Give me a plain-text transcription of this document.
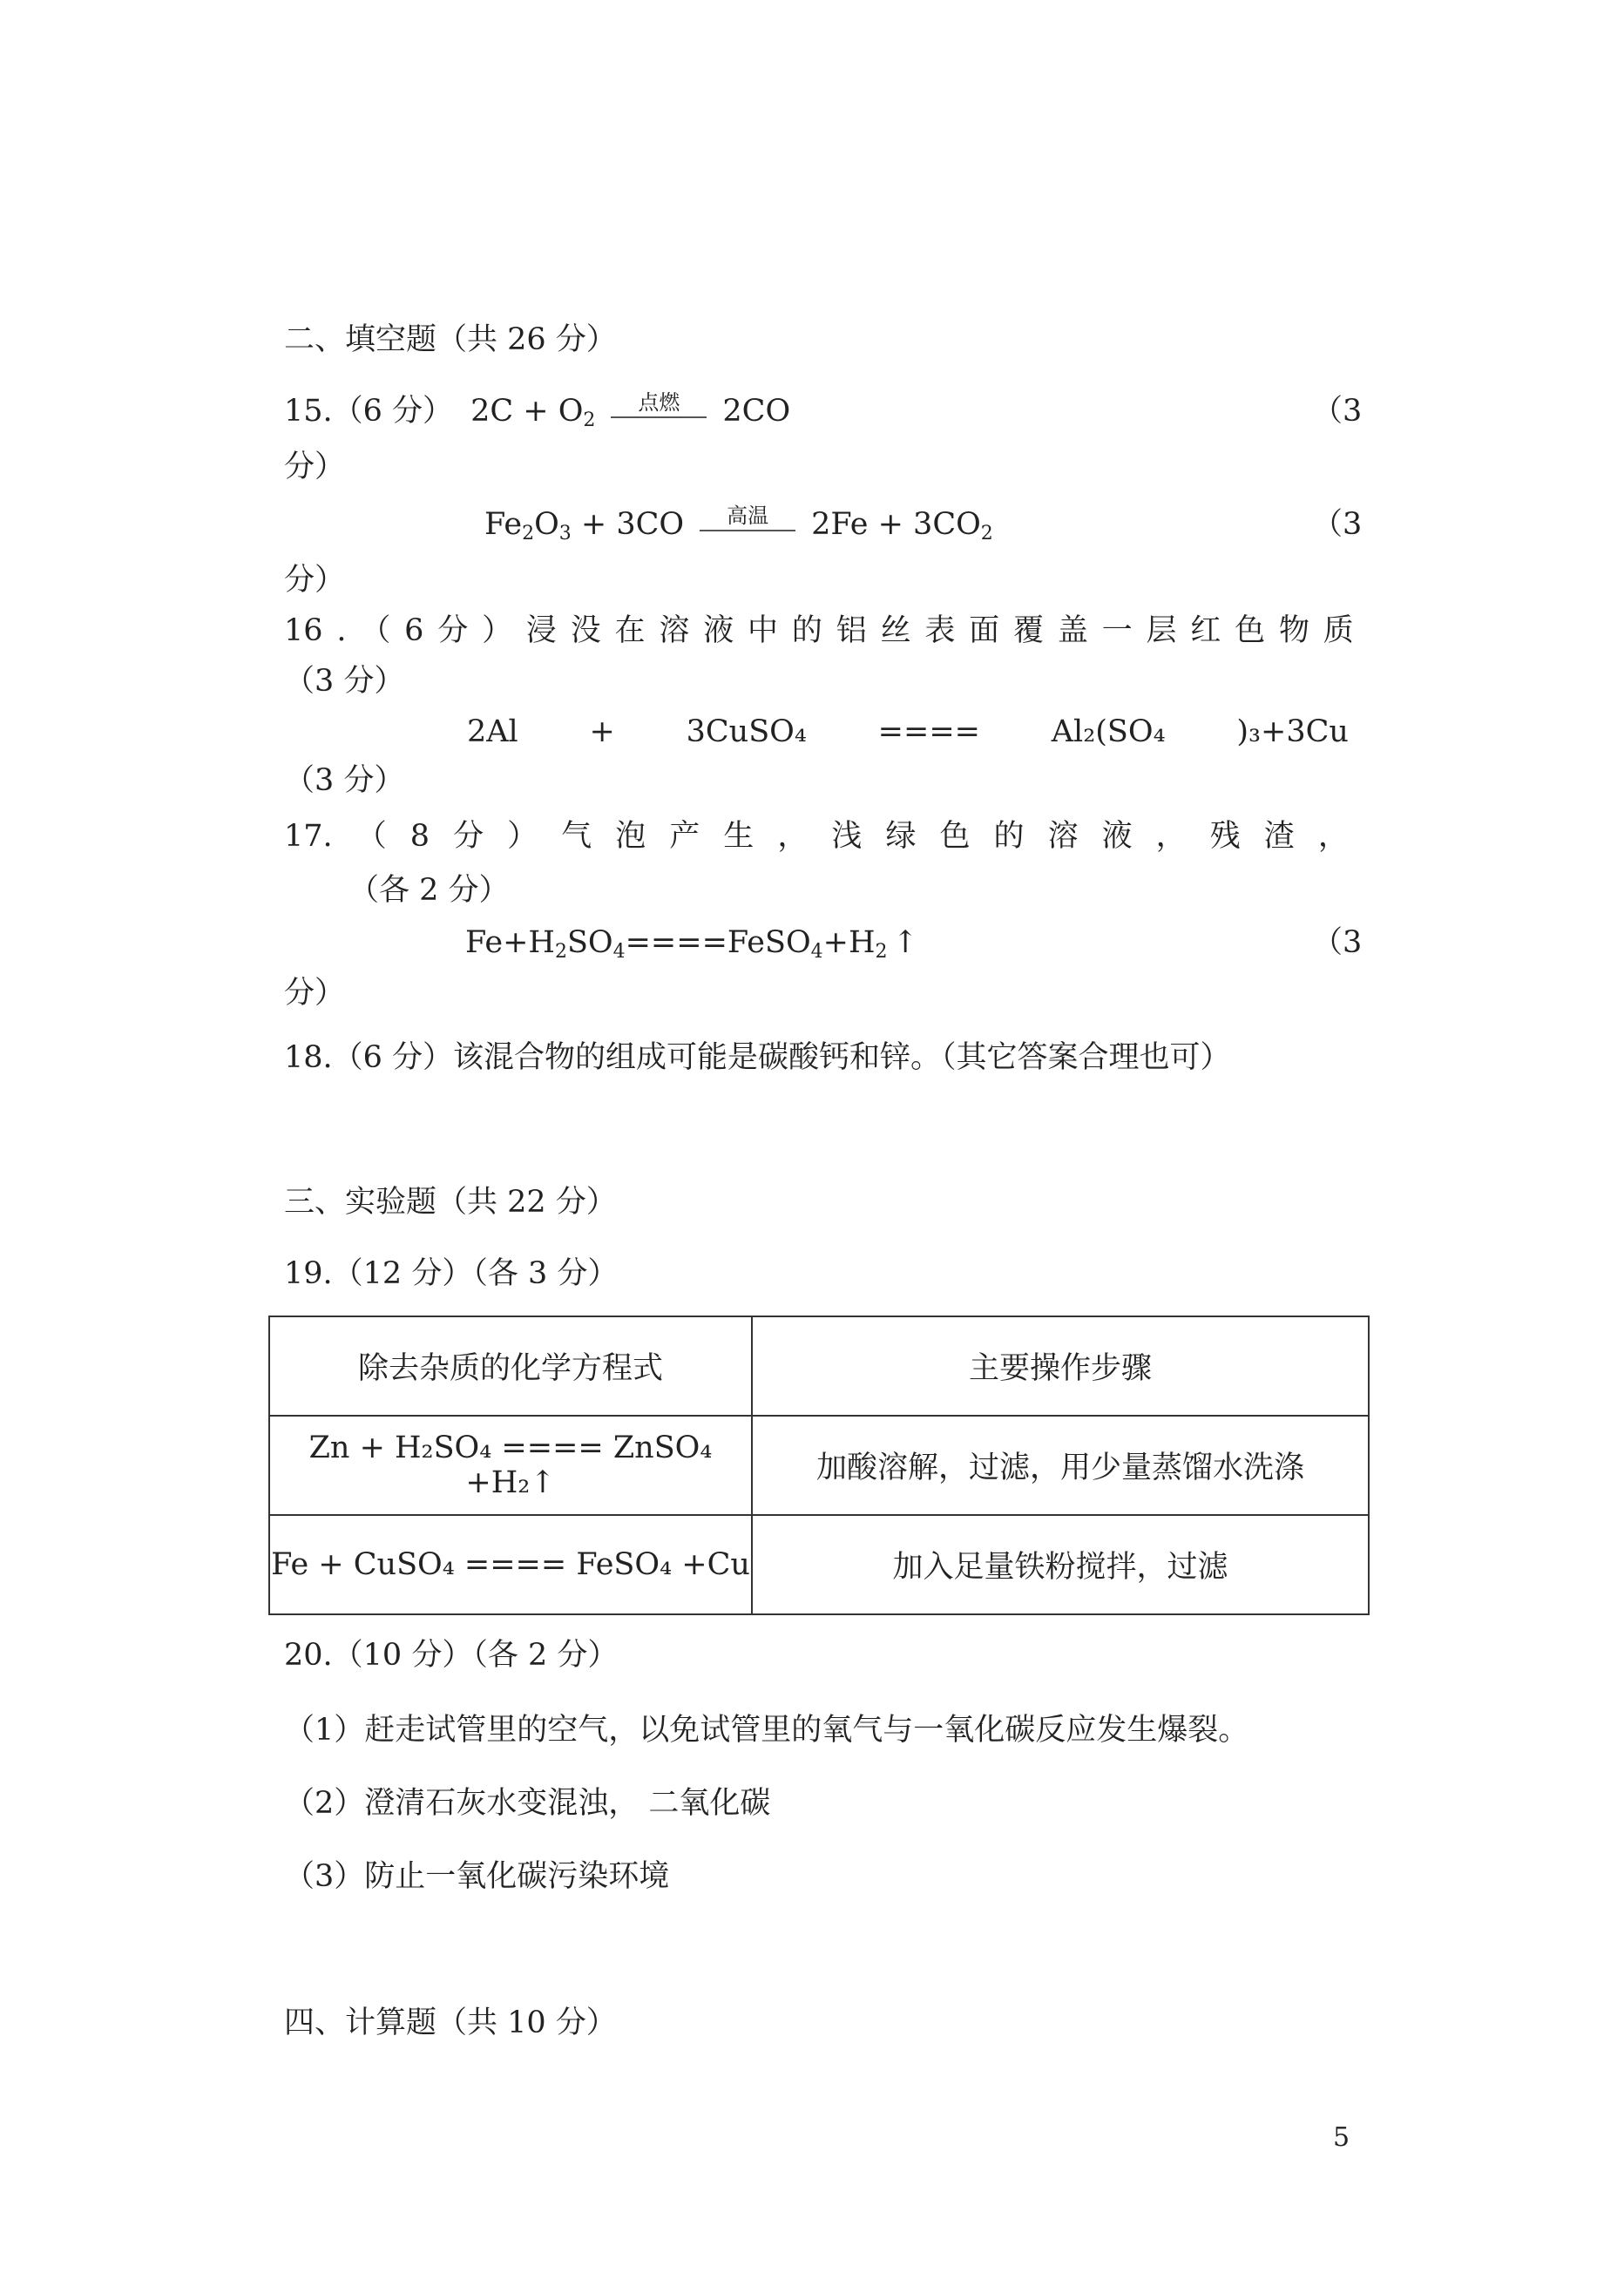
二、填空题（共 26 分）
15.（6 分） $2C + O_2$
点燃	2CO	（3
分）
$Fe_2O_3 + 3CO$	高温	$2Fe + 3CO_2$	（3
分）
16 . （ 6 分 ） 浸 没 在 溶 液 中 的 铝 丝 表 面 覆 盖 一 层 红 色 物 质
（3 分）
2Al + 3CuSO₄ ==== Al₂(SO₄ )₃+3Cu
（3 分）
17. （ 8 分 ） 气 泡 产 生 ， 浅 绿 色 的 溶 液 ， 残 渣 ，
（各 2 分）
$Fe+H_2SO_4====FeSO_4+H_2$ ↑	（3
分）
18.（6 分）该混合物的组成可能是碳酸钙和锌。（其它答案合理也可）
三、实验题（共 22 分）
19.（12 分）（各 3 分）
除去杂质的化学方程式	主要操作步骤
Zn + H₂SO₄ ==== ZnSO₄ +H₂↑	加酸溶解，过滤，用少量蒸馏水洗涤
Fe + CuSO₄ ==== FeSO₄ +Cu	加入足量铁粉搅拌，过滤
20.（10 分）（各 2 分）
（1）赶走试管里的空气，以免试管里的氧气与一氧化碳反应发生爆裂。
（2）澄清石灰水变混浊， 二氧化碳
（3）防止一氧化碳污染环境
四、计算题（共 10 分）
5
